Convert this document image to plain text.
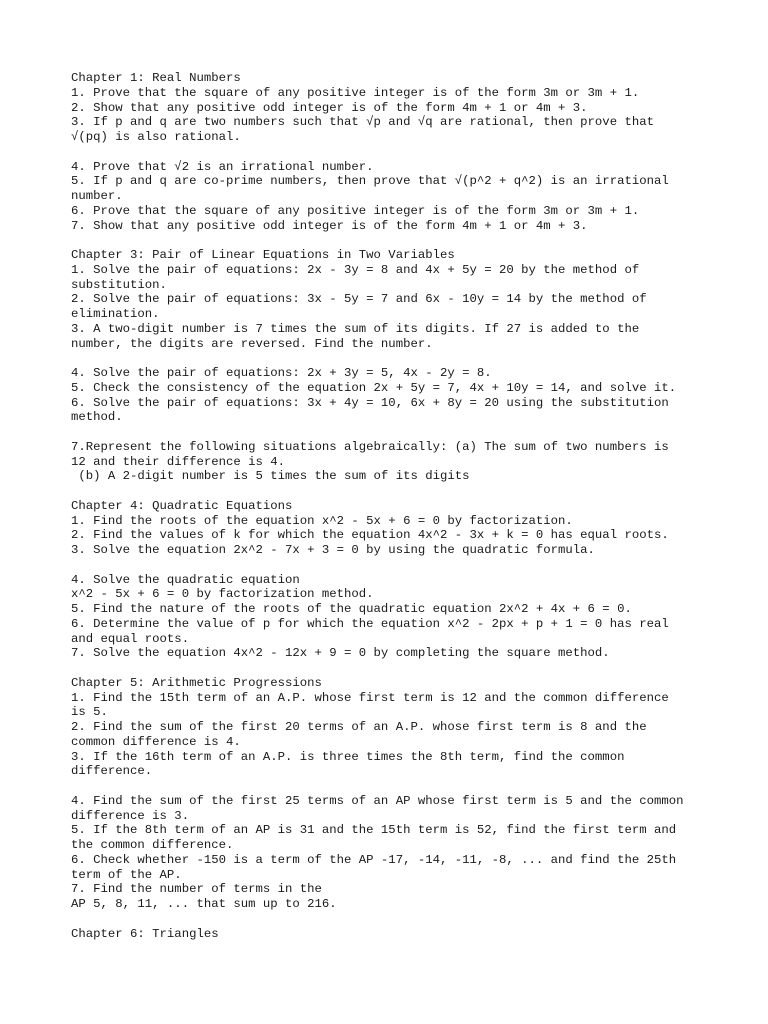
Chapter 1: Real Numbers
1. Prove that the square of any positive integer is of the form 3m or 3m + 1.
2. Show that any positive odd integer is of the form 4m + 1 or 4m + 3.
3. If p and q are two numbers such that √p and √q are rational, then prove that
√(pq) is also rational.
4. Prove that √2 is an irrational number.
5. If p and q are co-prime numbers, then prove that √(p^2 + q^2) is an irrational
number.
6. Prove that the square of any positive integer is of the form 3m or 3m + 1.
7. Show that any positive odd integer is of the form 4m + 1 or 4m + 3.
Chapter 3: Pair of Linear Equations in Two Variables
1. Solve the pair of equations: 2x - 3y = 8 and 4x + 5y = 20 by the method of
substitution.
2. Solve the pair of equations: 3x - 5y = 7 and 6x - 10y = 14 by the method of
elimination.
3. A two-digit number is 7 times the sum of its digits. If 27 is added to the
number, the digits are reversed. Find the number.
4. Solve the pair of equations: 2x + 3y = 5, 4x - 2y = 8.
5. Check the consistency of the equation 2x + 5y = 7, 4x + 10y = 14, and solve it.
6. Solve the pair of equations: 3x + 4y = 10, 6x + 8y = 20 using the substitution
method.
7.Represent the following situations algebraically: (a) The sum of two numbers is
12 and their difference is 4.
(b) A 2-digit number is 5 times the sum of its digits
Chapter 4: Quadratic Equations
1. Find the roots of the equation x^2 - 5x + 6 = 0 by factorization.
2. Find the values of k for which the equation 4x^2 - 3x + k = 0 has equal roots.
3. Solve the equation 2x^2 - 7x + 3 = 0 by using the quadratic formula.
4. Solve the quadratic equation
x^2 - 5x + 6 = 0 by factorization method.
5. Find the nature of the roots of the quadratic equation 2x^2 + 4x + 6 = 0.
6. Determine the value of p for which the equation x^2 - 2px + p + 1 = 0 has real
and equal roots.
7. Solve the equation 4x^2 - 12x + 9 = 0 by completing the square method.
Chapter 5: Arithmetic Progressions
1. Find the 15th term of an A.P. whose first term is 12 and the common difference
is 5.
2. Find the sum of the first 20 terms of an A.P. whose first term is 8 and the
common difference is 4.
3. If the 16th term of an A.P. is three times the 8th term, find the common
difference.
4. Find the sum of the first 25 terms of an AP whose first term is 5 and the common
difference is 3.
5. If the 8th term of an AP is 31 and the 15th term is 52, find the first term and
the common difference.
6. Check whether -150 is a term of the AP -17, -14, -11, -8, ... and find the 25th
term of the AP.
7. Find the number of terms in the
AP 5, 8, 11, ... that sum up to 216.
Chapter 6: Triangles
